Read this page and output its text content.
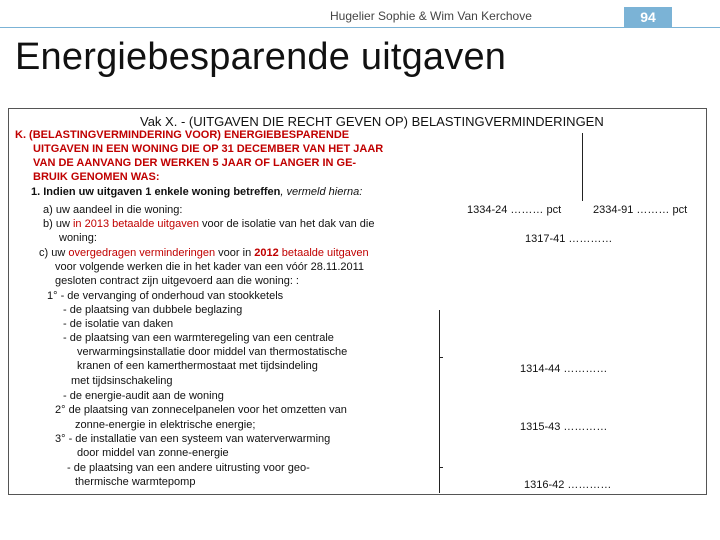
Hugelier Sophie & Wim Van Kerchove	94
Energiebesparende uitgaven
Vak X. - (UITGAVEN DIE RECHT GEVEN OP) BELASTINGVERMINDERINGEN
K. (BELASTINGVERMINDERING VOOR) ENERGIEBESPARENDE
UITGAVEN IN EEN WONING DIE OP 31 DECEMBER VAN HET JAAR
VAN DE AANVANG DER WERKEN 5 JAAR OF LANGER IN GE-
BRUIK GENOMEN WAS:
1. Indien uw uitgaven 1 enkele woning betreffen, vermeld hierna:
a) uw aandeel in die woning:
b) uw in 2013 betaalde uitgaven voor de isolatie van het dak van die
woning:
c) uw overgedragen verminderingen voor in 2012 betaalde uitgaven
voor volgende werken die in het kader van een vóór 28.11.2011
gesloten contract zijn uitgevoerd aan die woning: :
1° - de vervanging of onderhoud van stookketels
- de plaatsing van dubbele beglazing
- de isolatie van daken
- de plaatsing van een warmteregeling van een centrale
verwarmingsinstallatie door middel van thermostatische
kranen of een kamerthermostaat met tijdsindeling
met tijdsinschakeling
- de energie-audit aan de woning
2° de plaatsing van zonnecelpanelen voor het omzetten van
zonne-energie in elektrische energie;
3° - de installatie van een systeem van waterverwarming
door middel van zonne-energie
- de plaatsing van een andere uitrusting voor geo-
thermische warmtepomp
1334-24 ……… pct	2334-91 ……… pct
1317-41 …………
1314-44 …………
1315-43 …………
1316-42 …………
